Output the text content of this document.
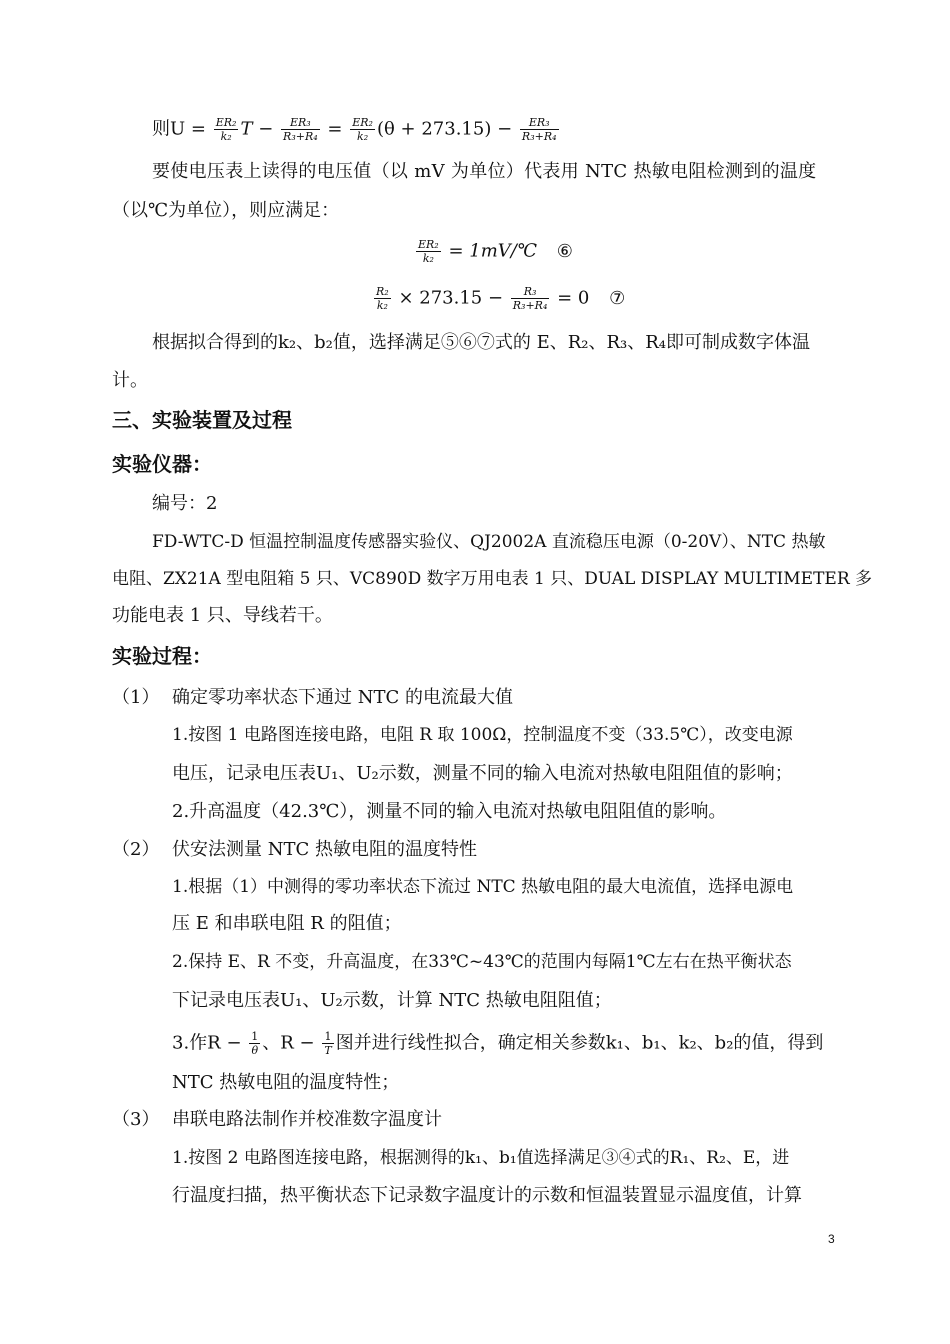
则$U = \frac{\text{ER₂}}{\text{k₂}}$ $T - \frac{\text{ER₃}}{\text{R₃+R₄}} = \frac{\text{ER₂}}{\text{k₂}} (\theta + 273.15) - \frac{\text{ER₃}}{\text{R₃+R₄}}$
要使电压表上读得的电压值（以 mV 为单位）代表用 NTC 热敏电阻检测到的温度
（以℃为单位），则应满足：
$\frac{\text{ER₂}}{\text{k₂}}$ = 1mV/℃ ⑥
$\frac{\text{R₂}}{\text{k₂}} \times 273.15 - \frac{\text{R₃}}{\text{R₃+R₄}} = 0$ ⑦
根据拟合得到的k₂、b₂值，选择满足⑤⑥⑦式的 E、R₂、R₃、R₄即可制成数字体温
计。
三、实验装置及过程
实验仪器：
编号：2
FD-WTC-D 恒温控制温度传感器实验仪、QJ2002A 直流稳压电源（0-20V）、NTC 热敏
电阻、ZX21A 型电阻箱 5 只、VC890D 数字万用电表 1 只、DUAL DISPLAY MULTIMETER 多
功能电表 1 只、导线若干。
实验过程：
（1） 确定零功率状态下通过 NTC 的电流最大值
1.按图 1 电路图连接电路，电阻 R 取 100Ω，控制温度不变（33.5℃），改变电源
电压，记录电压表U₁、U₂示数，测量不同的输入电流对热敏电阻阻值的影响；
2.升高温度（42.3℃），测量不同的输入电流对热敏电阻阻值的影响。
（2） 伏安法测量 NTC 热敏电阻的温度特性
1.根据（1）中测得的零功率状态下流过 NTC 热敏电阻的最大电流值，选择电源电
压 E 和串联电阻 R 的阻值；
2.保持 E、R 不变，升高温度，在33℃~43℃的范围内每隔1℃左右在热平衡状态
下记录电压表U₁、U₂示数，计算 NTC 热敏电阻阻值；
3.作$R - \frac{1}{\theta}$ 、$R - \frac{1}{T}$ 图并进行线性拟合，确定相关参数k₁、b₁、k₂、b₂的值，得到
NTC 热敏电阻的温度特性；
（3） 串联电路法制作并校准数字温度计
1.按图 2 电路图连接电路，根据测得的k₁、b₁值选择满足③④式的R₁、R₂、E，进
行温度扫描，热平衡状态下记录数字温度计的示数和恒温装置显示温度值，计算
3
